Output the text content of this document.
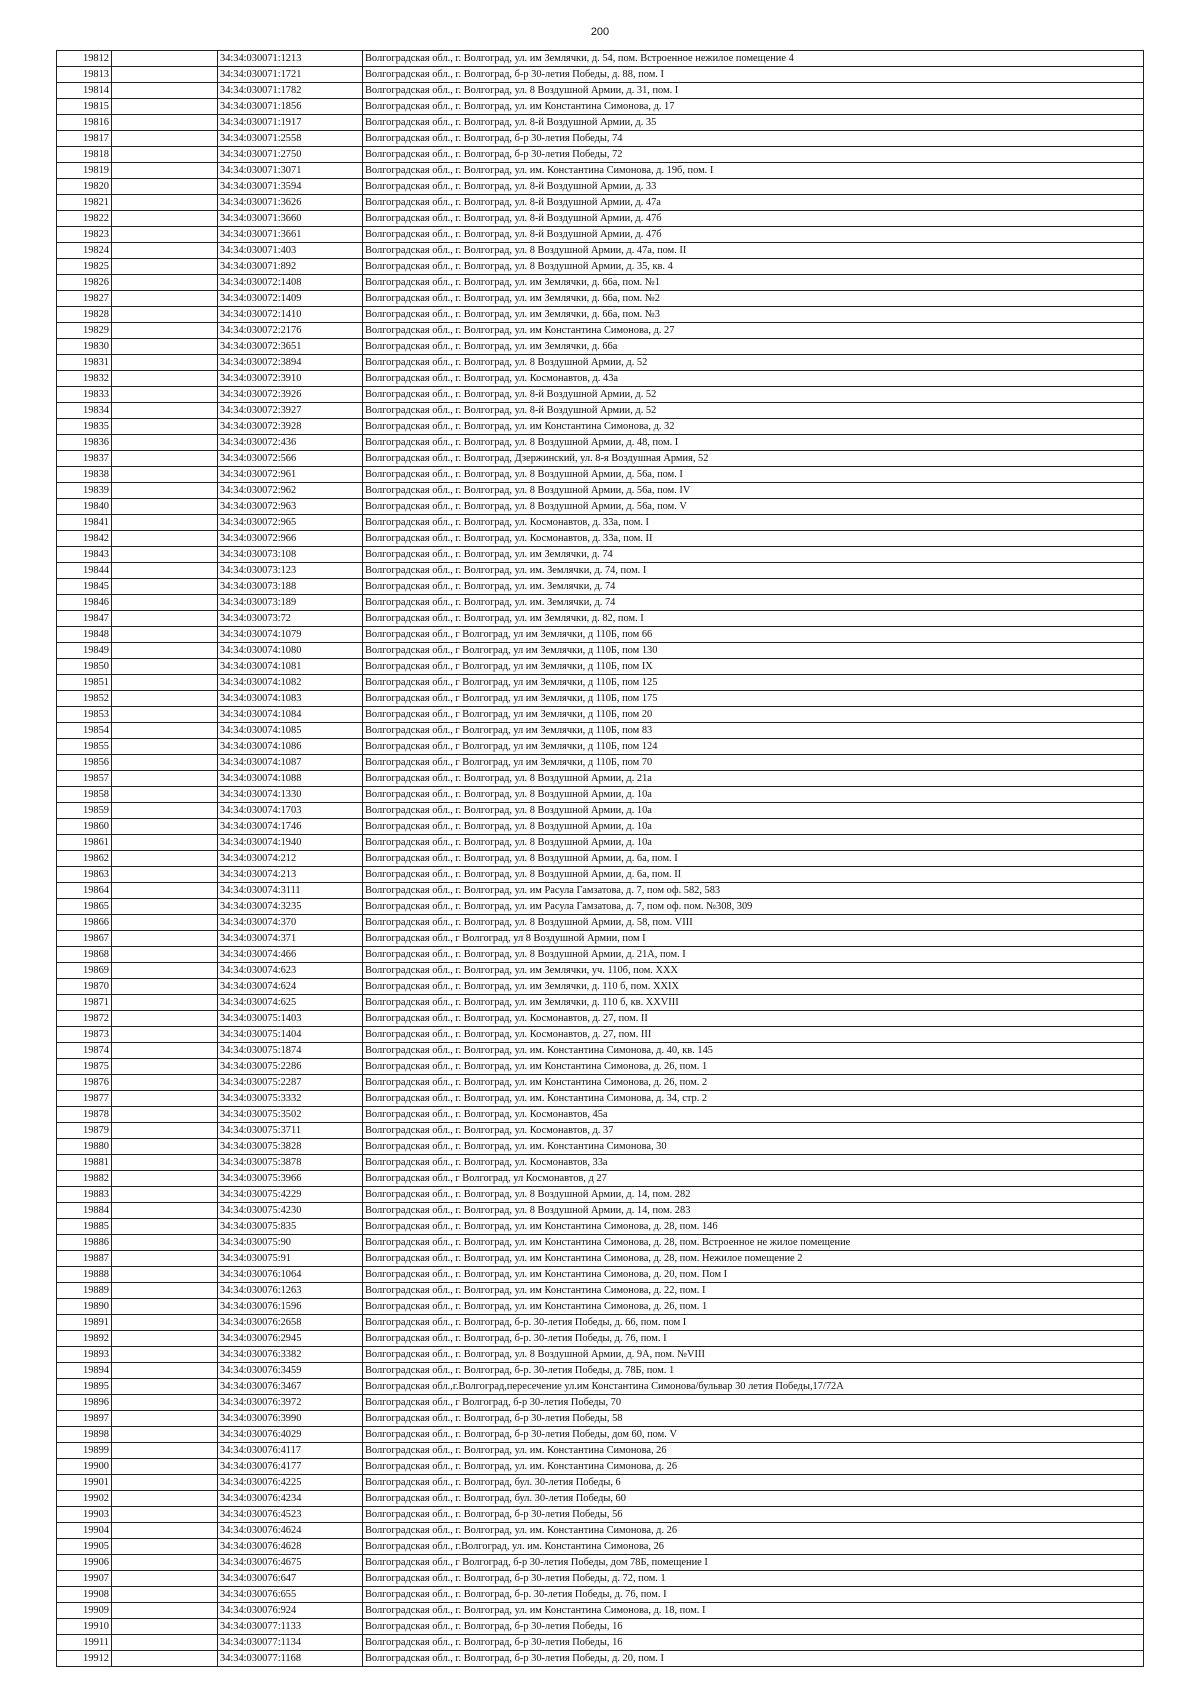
200
19812		34:34:030071:1213	Волгоградская обл., г. Волгоград, ул. им Землячки, д. 54, пом. Встроенное нежилое помещение 4
19813		34:34:030071:1721	Волгоградская обл., г. Волгоград, б-р 30-летия Победы, д. 88, пом. I
19814		34:34:030071:1782	Волгоградская обл., г. Волгоград, ул. 8 Воздушной Армии, д. 31, пом. I
19815		34:34:030071:1856	Волгоградская обл., г. Волгоград, ул. им Константина Симонова, д. 17
19816		34:34:030071:1917	Волгоградская обл., г. Волгоград, ул. 8-й Воздушной Армии, д. 35
19817		34:34:030071:2558	Волгоградская обл., г. Волгоград, б-р 30-летия Победы, 74
19818		34:34:030071:2750	Волгоградская обл., г. Волгоград, б-р 30-летия Победы, 72
19819		34:34:030071:3071	Волгоградская обл., г. Волгоград, ул. им. Константина Симонова, д. 19б, пом. I
19820		34:34:030071:3594	Волгоградская обл., г. Волгоград, ул. 8-й Воздушной Армии, д. 33
19821		34:34:030071:3626	Волгоградская обл., г. Волгоград, ул. 8-й Воздушной Армии, д. 47а
19822		34:34:030071:3660	Волгоградская обл., г. Волгоград, ул. 8-й Воздушной Армии, д. 47б
19823		34:34:030071:3661	Волгоградская обл., г. Волгоград, ул. 8-й Воздушной Армии, д. 47б
19824		34:34:030071:403	Волгоградская обл., г. Волгоград, ул. 8 Воздушной Армии, д. 47а, пом. II
19825		34:34:030071:892	Волгоградская обл., г. Волгоград, ул. 8 Воздушной Армии, д. 35, кв. 4
19826		34:34:030072:1408	Волгоградская обл., г. Волгоград, ул. им Землячки, д. 66а, пом. №1
19827		34:34:030072:1409	Волгоградская обл., г. Волгоград, ул. им Землячки, д. 66а, пом. №2
19828		34:34:030072:1410	Волгоградская обл., г. Волгоград, ул. им Землячки, д. 66а, пом. №3
19829		34:34:030072:2176	Волгоградская обл., г. Волгоград, ул. им Константина Симонова, д. 27
19830		34:34:030072:3651	Волгоградская обл., г. Волгоград, ул. им Землячки, д. 66а
19831		34:34:030072:3894	Волгоградская обл., г. Волгоград, ул. 8 Воздушной Армии, д. 52
19832		34:34:030072:3910	Волгоградская обл., г. Волгоград, ул. Космонавтов, д. 43а
19833		34:34:030072:3926	Волгоградская обл., г. Волгоград, ул. 8-й Воздушной Армии, д. 52
19834		34:34:030072:3927	Волгоградская обл., г. Волгоград, ул. 8-й Воздушной Армии, д. 52
19835		34:34:030072:3928	Волгоградская обл., г. Волгоград, ул. им Константина Симонова, д. 32
19836		34:34:030072:436	Волгоградская обл., г. Волгоград, ул. 8 Воздушной Армии, д. 48, пом. I
19837		34:34:030072:566	Волгоградская обл., г. Волгоград, Дзержинский, ул. 8-я Воздушная Армия, 52
19838		34:34:030072:961	Волгоградская обл., г. Волгоград, ул. 8 Воздушной Армии, д. 56а, пом. I
19839		34:34:030072:962	Волгоградская обл., г. Волгоград, ул. 8 Воздушной Армии, д. 56а, пом. IV
19840		34:34:030072:963	Волгоградская обл., г. Волгоград, ул. 8 Воздушной Армии, д. 56а, пом. V
19841		34:34:030072:965	Волгоградская обл., г. Волгоград, ул. Космонавтов, д. 33а, пом. I
19842		34:34:030072:966	Волгоградская обл., г. Волгоград, ул. Космонавтов, д. 33а, пом. II
19843		34:34:030073:108	Волгоградская обл., г. Волгоград, ул. им Землячки, д. 74
19844		34:34:030073:123	Волгоградская обл., г. Волгоград, ул. им. Землячки, д. 74, пом. I
19845		34:34:030073:188	Волгоградская обл., г. Волгоград, ул. им. Землячки, д. 74
19846		34:34:030073:189	Волгоградская обл., г. Волгоград, ул. им. Землячки, д. 74
19847		34:34:030073:72	Волгоградская обл., г. Волгоград, ул. им Землячки, д. 82, пом. I
19848		34:34:030074:1079	Волгоградская обл., г Волгоград, ул им Землячки, д 110Б, пом 66
19849		34:34:030074:1080	Волгоградская обл., г Волгоград, ул им Землячки, д 110Б, пом 130
19850		34:34:030074:1081	Волгоградская обл., г Волгоград, ул им Землячки, д 110Б, пом IX
19851		34:34:030074:1082	Волгоградская обл., г Волгоград, ул им Землячки, д 110Б, пом 125
19852		34:34:030074:1083	Волгоградская обл., г Волгоград, ул им Землячки, д 110Б, пом 175
19853		34:34:030074:1084	Волгоградская обл., г Волгоград, ул им Землячки, д 110Б, пом 20
19854		34:34:030074:1085	Волгоградская обл., г Волгоград, ул им Землячки, д 110Б, пом 83
19855		34:34:030074:1086	Волгоградская обл., г Волгоград, ул им Землячки, д 110Б, пом 124
19856		34:34:030074:1087	Волгоградская обл., г Волгоград, ул им Землячки, д 110Б, пом 70
19857		34:34:030074:1088	Волгоградская обл., г. Волгоград, ул. 8 Воздушной Армии, д. 21а
19858		34:34:030074:1330	Волгоградская обл., г. Волгоград, ул. 8 Воздушной Армии, д. 10а
19859		34:34:030074:1703	Волгоградская обл., г. Волгоград, ул. 8 Воздушной Армии, д. 10а
19860		34:34:030074:1746	Волгоградская обл., г. Волгоград, ул. 8 Воздушной Армии, д. 10а
19861		34:34:030074:1940	Волгоградская обл., г. Волгоград, ул. 8 Воздушной Армии, д. 10а
19862		34:34:030074:212	Волгоградская обл., г. Волгоград, ул. 8 Воздушной Армии, д. 6а, пом. I
19863		34:34:030074:213	Волгоградская обл., г. Волгоград, ул. 8 Воздушной Армии, д. 6а, пом. II
19864		34:34:030074:3111	Волгоградская обл., г. Волгоград, ул. им Расула Гамзатова, д. 7, пом оф. 582, 583
19865		34:34:030074:3235	Волгоградская обл., г. Волгоград, ул. им Расула Гамзатова, д. 7, пом оф. пом. №308, 309
19866		34:34:030074:370	Волгоградская обл., г. Волгоград, ул. 8 Воздушной Армии, д. 58, пом. VIII
19867		34:34:030074:371	Волгоградская обл., г Волгоград, ул 8 Воздушной Армии, пом I
19868		34:34:030074:466	Волгоградская обл., г. Волгоград, ул. 8 Воздушной Армии, д. 21А, пом. I
19869		34:34:030074:623	Волгоградская обл., г. Волгоград, ул. им Землячки, уч. 110б, пом. XXX
19870		34:34:030074:624	Волгоградская обл., г. Волгоград, ул. им Землячки, д. 110 б, пом. XXIX
19871		34:34:030074:625	Волгоградская обл., г. Волгоград, ул. им Землячки, д. 110 б, кв. XXVIII
19872		34:34:030075:1403	Волгоградская обл., г. Волгоград, ул. Космонавтов, д. 27, пом. II
19873		34:34:030075:1404	Волгоградская обл., г. Волгоград, ул. Космонавтов, д. 27, пом. III
19874		34:34:030075:1874	Волгоградская обл., г. Волгоград, ул. им. Константина Симонова, д. 40, кв. 145
19875		34:34:030075:2286	Волгоградская обл., г. Волгоград, ул. им Константина Симонова, д. 26, пом. 1
19876		34:34:030075:2287	Волгоградская обл., г. Волгоград, ул. им Константина Симонова, д. 26, пом. 2
19877		34:34:030075:3332	Волгоградская обл., г. Волгоград, ул. им. Константина Симонова, д. 34, стр. 2
19878		34:34:030075:3502	Волгоградская обл., г. Волгоград, ул. Космонавтов, 45а
19879		34:34:030075:3711	Волгоградская обл., г. Волгоград, ул. Космонавтов, д. 37
19880		34:34:030075:3828	Волгоградская обл., г. Волгоград, ул. им. Константина Симонова, 30
19881		34:34:030075:3878	Волгоградская обл., г. Волгоград, ул. Космонавтов, 33а
19882		34:34:030075:3966	Волгоградская обл., г Волгоград, ул Космонавтов, д 27
19883		34:34:030075:4229	Волгоградская обл., г. Волгоград, ул. 8 Воздушной Армии, д. 14, пом. 282
19884		34:34:030075:4230	Волгоградская обл., г. Волгоград, ул. 8 Воздушной Армии, д. 14, пом. 283
19885		34:34:030075:835	Волгоградская обл., г. Волгоград, ул. им Константина Симонова, д. 28, пом. 146
19886		34:34:030075:90	Волгоградская обл., г. Волгоград, ул. им Константина Симонова, д. 28, пом. Встроенное не жилое помещение
19887		34:34:030075:91	Волгоградская обл., г. Волгоград, ул. им Константина Симонова, д. 28, пом. Нежилое помещение 2
19888		34:34:030076:1064	Волгоградская обл., г. Волгоград, ул. им Константина Симонова, д. 20, пом. Пом I
19889		34:34:030076:1263	Волгоградская обл., г. Волгоград, ул. им Константина Симонова, д. 22, пом. I
19890		34:34:030076:1596	Волгоградская обл., г. Волгоград, ул. им Константина Симонова, д. 26, пом. 1
19891		34:34:030076:2658	Волгоградская обл., г. Волгоград, б-р. 30-летия Победы, д. 66, пом. пом I
19892		34:34:030076:2945	Волгоградская обл., г. Волгоград, б-р. 30-летия Победы, д. 76, пом. I
19893		34:34:030076:3382	Волгоградская обл., г. Волгоград, ул. 8 Воздушной Армии, д. 9А, пом. №VIII
19894		34:34:030076:3459	Волгоградская обл., г. Волгоград, б-р. 30-летия Победы, д. 78Б, пом. 1
19895		34:34:030076:3467	Волгоградская обл.,г.Волгоград,пересечение ул.им Константина Симонова/бульвар 30 летия Победы,17/72А
19896		34:34:030076:3972	Волгоградская обл., г Волгоград, б-р 30-летия Победы, 70
19897		34:34:030076:3990	Волгоградская обл., г. Волгоград, б-р 30-летия Победы, 58
19898		34:34:030076:4029	Волгоградская обл., г. Волгоград, б-р 30-летия Победы, дом 60, пом. V
19899		34:34:030076:4117	Волгоградская обл., г. Волгоград, ул. им. Константина Симонова, 26
19900		34:34:030076:4177	Волгоградская обл., г. Волгоград, ул. им. Константина Симонова, д. 26
19901		34:34:030076:4225	Волгоградская обл., г. Волгоград, бул. 30-летия Победы, 6
19902		34:34:030076:4234	Волгоградская обл., г. Волгоград, бул. 30-летия Победы, 60
19903		34:34:030076:4523	Волгоградская обл., г. Волгоград, б-р 30-летия Победы, 56
19904		34:34:030076:4624	Волгоградская обл., г. Волгоград, ул. им. Константина Симонова, д. 26
19905		34:34:030076:4628	Волгоградская обл., г.Волгоград, ул. им. Константина Симонова, 26
19906		34:34:030076:4675	Волгоградская обл., г Волгоград, б-р 30-летия Победы, дом 78Б, помещение I
19907		34:34:030076:647	Волгоградская обл., г. Волгоград, б-р 30-летия Победы, д. 72, пом. 1
19908		34:34:030076:655	Волгоградская обл., г. Волгоград, б-р. 30-летия Победы, д. 76, пом. I
19909		34:34:030076:924	Волгоградская обл., г. Волгоград, ул. им Константина Симонова, д. 18, пом. I
19910		34:34:030077:1133	Волгоградская обл., г. Волгоград, б-р 30-летия Победы, 16
19911		34:34:030077:1134	Волгоградская обл., г. Волгоград, б-р 30-летия Победы, 16
19912		34:34:030077:1168	Волгоградская обл., г. Волгоград, б-р 30-летия Победы, д. 20, пом. I
